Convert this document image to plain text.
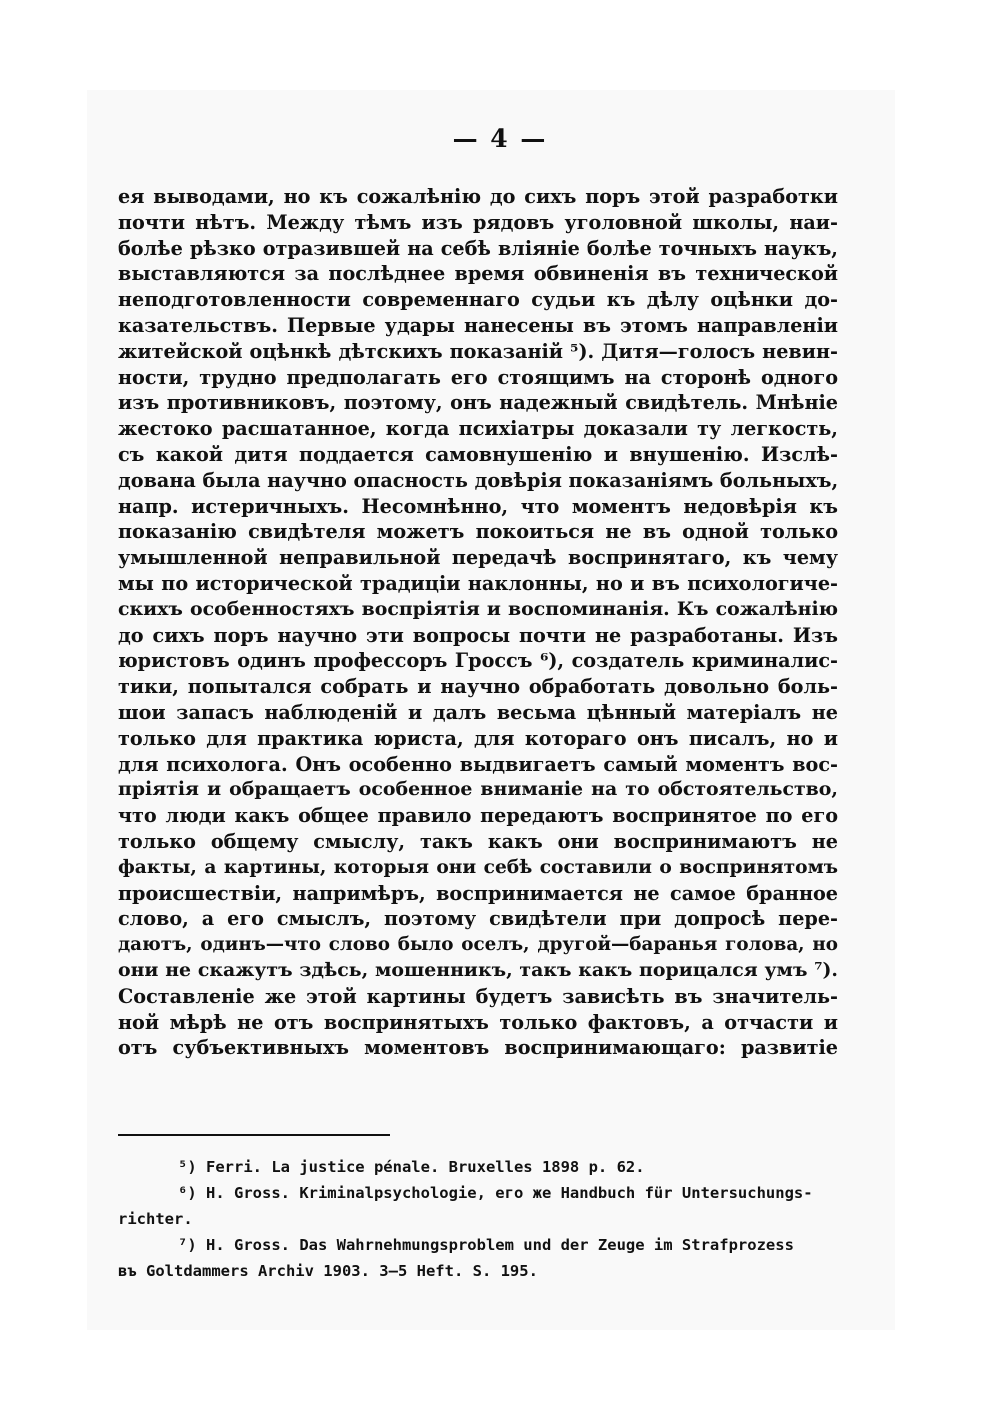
— 4 —
ея выводами, но къ сожалѣнію до сихъ поръ этой разработки
почти нѣтъ. Между тѣмъ изъ рядовъ уголовной школы, наи-
болѣе рѣзко отразившей на себѣ вліяніе болѣе точныхъ наукъ,
выставляются за послѣднее время обвиненія въ технической
неподготовленности современнаго судьи къ дѣлу оцѣнки до-
казательствъ. Первые удары нанесены въ этомъ направленіи
житейской оцѣнкѣ дѣтскихъ показаній ⁵). Дитя—голосъ невин-
ности, трудно предполагать его стоящимъ на сторонѣ одного
изъ противниковъ, поэтому, онъ надежный свидѣтель. Мнѣніе
жестоко расшатанное, когда психіатры доказали ту легкость,
съ какой дитя поддается самовнушенію и внушенію. Изслѣ-
дована была научно опасность довѣрія показаніямъ больныхъ,
напр. истеричныхъ. Несомнѣнно, что моментъ недовѣрія къ
показанію свидѣтеля можетъ покоиться не въ одной только
умышленной неправильной передачѣ воспринятаго, къ чему
мы по исторической традиціи наклонны, но и въ психологиче-
скихъ особенностяхъ воспріятія и воспоминанія. Къ сожалѣнію
до сихъ поръ научно эти вопросы почти не разработаны. Изъ
юристовъ одинъ профессоръ Гроссъ ⁶), создатель криминалис-
тики, попытался собрать и научно обработать довольно боль-
шои запасъ наблюденій и далъ весьма цѣнный матеріалъ не
только для практика юриста, для котораго онъ писалъ, но и
для психолога. Онъ особенно выдвигаетъ самый моментъ вос-
пріятія и обращаетъ особенное вниманіе на то обстоятельство,
что люди какъ общее правило передаютъ воспринятое по его
только общему смыслу, такъ какъ они воспринимаютъ не
факты, а картины, которыя они себѣ составили о воспринятомъ
происшествіи, напримѣръ, воспринимается не самое бранное
слово, а его смыслъ, поэтому свидѣтели при допросѣ пере-
даютъ, одинъ—что слово было оселъ, другой—баранья голова, но
они не скажутъ здѣсь, мошенникъ, такъ какъ порицался умъ ⁷).
Составленіе же этой картины будетъ зависѣть въ значитель-
ной мѣрѣ не отъ воспринятыхъ только фактовъ, а отчасти и
отъ субъективныхъ моментовъ воспринимающаго: развитіе
⁵) Ferri. La justice pénale. Bruxelles 1898 p. 62.
⁶) H. Gross. Kriminalpsychologie, его же Handbuch für Untersuchungs-
richter.
⁷) H. Gross. Das Wahrnehmungsproblem und der Zeuge im Strafprozess
въ Goltdammers Archiv 1903. 3—5 Heft. S. 195.
